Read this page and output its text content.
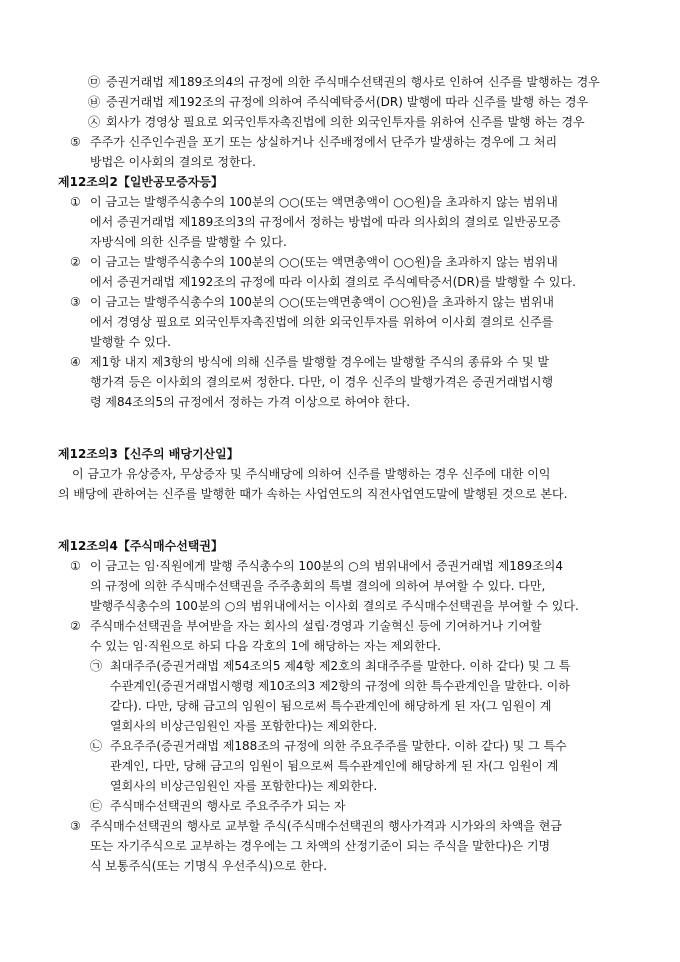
㉤ 증권거래법 제189조의4의 규정에 의한 주식매수선택권의 행사로 인하여 신주를 발행하는 경우
㉥ 증권거래법 제192조의 규정에 의하여 주식예탁증서(DR) 발행에 따라 신주를 발행 하는 경우
㉦ 회사가 경영상 필요로 외국인투자촉진법에 의한 외국인투자를 위하여 신주를 발행 하는 경우
⑤ 주주가 신주인수권을 포기 또는 상실하거나 신주배정에서 단주가 발생하는 경우에 그 처리
방법은 이사회의 결의로 정한다.
제12조의2【일반공모증자등】
① 이 금고는 발행주식총수의 100분의 ○○(또는 액면총액이 ○○원)을 초과하지 않는 범위내
에서 증권거래법 제189조의3의 규정에서 정하는 방법에 따라 의사회의 결의로 일반공모증
자방식에 의한 신주를 발행할 수 있다.
② 이 금고는 발행주식총수의 100분의 ○○(또는 액면총액이 ○○원)을 초과하지 않는 범위내
에서 증권거래법 제192조의 규정에 따라 이사회 결의로 주식예탁증서(DR)를 발행할 수 있다.
③ 이 금고는 발행주식총수의 100분의 ○○(또는액면총액이 ○○원)을 초과하지 않는 범위내
에서 경영상 필요로 외국인투자촉진법에 의한 외국인투자를 위하여 이사회 결의로 신주를
발행할 수 있다.
④ 제1항 내지 제3항의 방식에 의해 신주를 발행할 경우에는 발행할 주식의 종류와 수 및 발
행가격 등은 이사회의 결의로써 정한다. 다만, 이 경우 신주의 발행가격은 증권거래법시행
령 제84조의5의 규정에서 정하는 가격 이상으로 하여야 한다.
제12조의3【신주의 배당기산일】
이 금고가 유상증자, 무상증자 및 주식배당에 의하여 신주를 발행하는 경우 신주에 대한 이익
의 배당에 관하여는 신주를 발행한 때가 속하는 사업연도의 직전사업연도말에 발행된 것으로 본다.
제12조의4【주식매수선택권】
① 이 금고는 임·직원에게 발행 주식총수의 100분의 ○의 범위내에서 증권거래법 제189조의4
의 규정에 의한 주식매수선택권을 주주총회의 특별 결의에 의하여 부여할 수 있다. 다만,
발행주식총수의 100분의 ○의 범위내에서는 이사회 결의로 주식매수선택권을 부여할 수 있다.
② 주식매수선택권을 부여받을 자는 회사의 설립·경영과 기술혁신 등에 기여하거나 기여할
수 있는 임·직원으로 하되 다음 각호의 1에 해당하는 자는 제외한다.
㉠ 최대주주(증권거래법 제54조의5 제4항 제2호의 최대주주를 말한다. 이하 같다) 및 그 특
수관계인(증권거래법시행령 제10조의3 제2항의 규정에 의한 특수관계인을 말한다. 이하
같다). 다만, 당해 금고의 임원이 됨으로써 특수관계인에 해당하게 된 자(그 임원이 계
열회사의 비상근임원인 자를 포함한다)는 제외한다.
㉡ 주요주주(증권거래법 제188조의 규정에 의한 주요주주를 말한다. 이하 같다) 및 그 특수
관계인, 다만, 당해 금고의 임원이 됨으로써 특수관계인에 해당하게 된 자(그 임원이 계
열회사의 비상근임원인 자를 포함한다)는 제외한다.
㉢ 주식매수선택권의 행사로 주요주주가 되는 자
③ 주식매수선택권의 행사로 교부할 주식(주식매수선택권의 행사가격과 시가와의 차액을 현금
또는 자기주식으로 교부하는 경우에는 그 차액의 산정기준이 되는 주식을 말한다)은 기명
식 보통주식(또는 기명식 우선주식)으로 한다.
